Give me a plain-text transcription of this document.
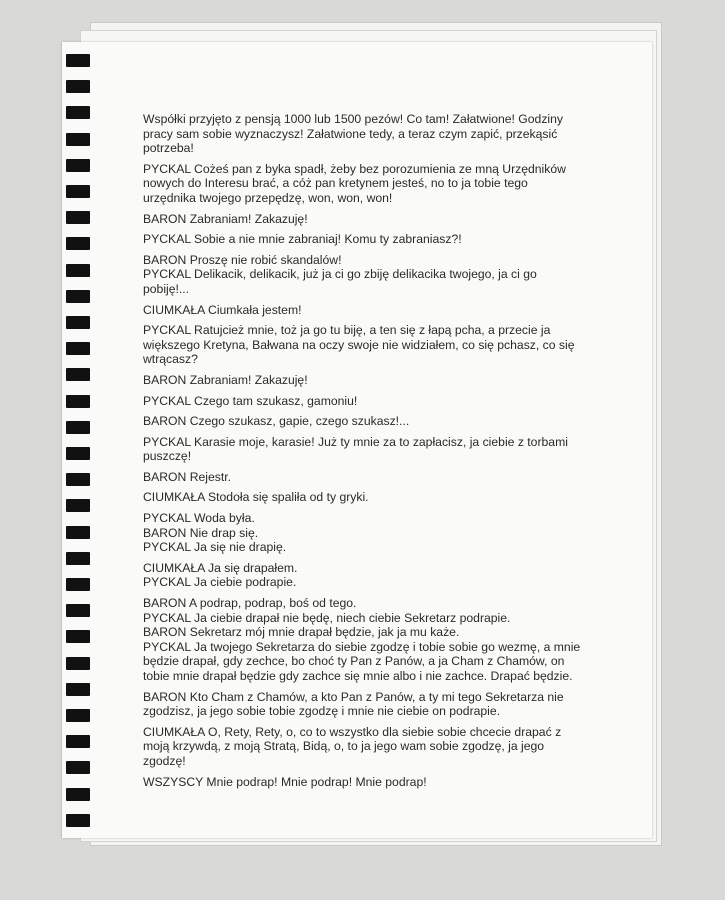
Współki przyjęto z pensją 1000 lub 1500 pezów! Co tam! Załatwione! Godziny pracy sam sobie wyznaczysz! Załatwione tedy, a teraz czym zapić, przekąsić potrzeba!
PYCKAL Cożeś pan z byka spadł, żeby bez porozumienia ze mną Urzędników nowych do Interesu brać, a cóż pan kretynem jesteś, no to ja tobie tego urzędnika twojego przepędzę, won, won, won!
BARON Zabraniam! Zakazuję!
PYCKAL Sobie a nie mnie zabraniaj! Komu ty zabraniasz?!
BARON Proszę nie robić skandalów!
PYCKAL Delikacik, delikacik, już ja ci go zbiję delikacika twojego, ja ci go pobiję!...
CIUMKAŁA Ciumkała jestem!
PYCKAL Ratujcież mnie, toż ja go tu biję, a ten się z łapą pcha, a przecie ja większego Kretyna, Bałwana na oczy swoje nie widziałem, co się pchasz, co się wtrącasz?
BARON Zabraniam! Zakazuję!
PYCKAL Czego tam szukasz, gamoniu!
BARON Czego szukasz, gapie, czego szukasz!...
PYCKAL Karasie moje, karasie! Już ty mnie za to zapłacisz, ja ciebie z torbami puszczę!
BARON Rejestr.
CIUMKAŁA Stodoła się spaliła od ty gryki.
PYCKAL Woda była.
BARON Nie drap się.
PYCKAL Ja się nie drapię.
CIUMKAŁA Ja się drapałem.
PYCKAL Ja ciebie podrapie.
BARON A podrap, podrap, boś od tego.
PYCKAL Ja ciebie drapał nie będę, niech ciebie Sekretarz podrapie.
BARON Sekretarz mój mnie drapał będzie, jak ja mu każe.
PYCKAL Ja twojego Sekretarza do siebie zgodzę i tobie sobie go wezmę, a mnie będzie drapał, gdy zechce, bo choć ty Pan z Panów, a ja Cham z Chamów, on tobie mnie drapał będzie gdy zachce się mnie albo i nie zachce. Drapać będzie.
BARON Kto Cham z Chamów, a kto Pan z Panów, a ty mi tego Sekretarza nie zgodzisz, ja jego sobie tobie zgodzę i mnie nie ciebie on podrapie.
CIUMKAŁA O, Rety, Rety, o, co to wszystko dla siebie sobie chcecie drapać z moją krzywdą, z moją Stratą, Bidą, o, to ja jego wam sobie zgodzę, ja jego zgodzę!
WSZYSCY Mnie podrap! Mnie podrap! Mnie podrap!
